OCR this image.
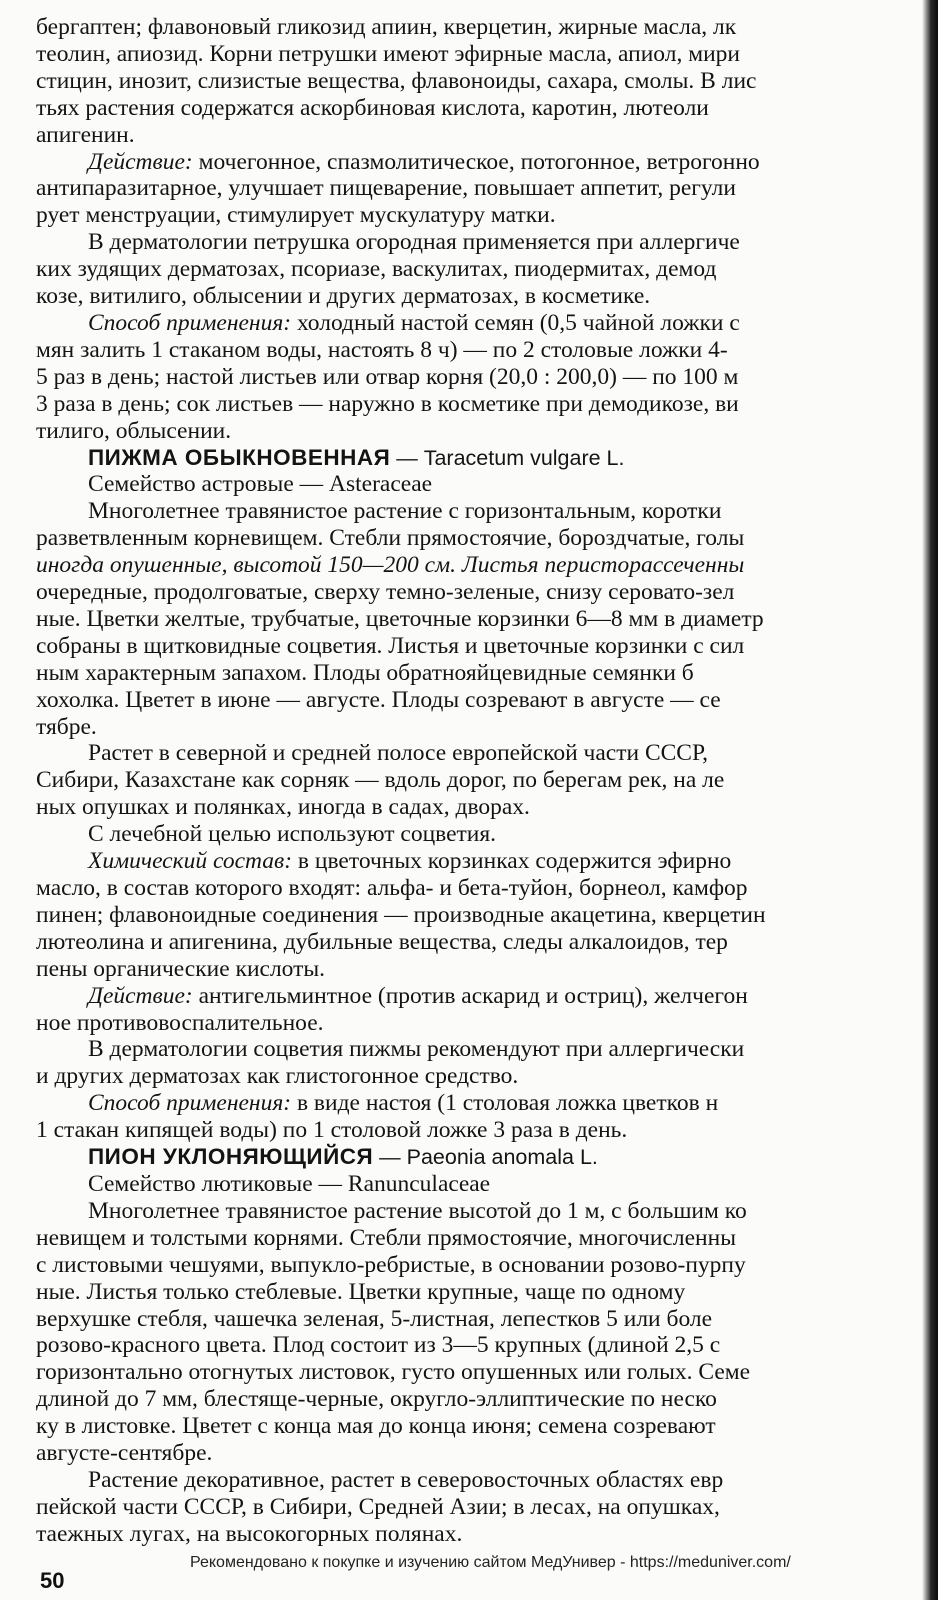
бергаптен; флавоновый гликозид апиин, кверцетин, жирные масла, лк
теолин, апиозид. Корни петрушки имеют эфирные масла, апиол, мири
стицин, инозит, слизистые вещества, флавоноиды, сахара, смолы. В лис
тьях растения содержатся аскорбиновая кислота, каротин, лютеоли
апигенин.
Действие: мочегонное, спазмолитическое, потогонное, ветрогонно
антипаразитарное, улучшает пищеварение, повышает аппетит, регули
рует менструации, стимулирует мускулатуру матки.
В дерматологии петрушка огородная применяется при аллергиче
ких зудящих дерматозах, псориазе, васкулитах, пиодермитах, демод
козе, витилиго, облысении и других дерматозах, в косметике.
Способ применения: холодный настой семян (0,5 чайной ложки с
мян залить 1 стаканом воды, настоять 8 ч) — по 2 столовые ложки 4-
5 раз в день; настой листьев или отвар корня (20,0 : 200,0) — по 100 м
3 раза в день; сок листьев — наружно в косметике при демодикозе, ви
тилиго, облысении.
ПИЖМА ОБЫКНОВЕННАЯ — Taracetum vulgare L.
Семейство астровые — Asteraceae
Многолетнее травянистое растение с горизонтальным, коротки
разветвленным корневищем. Стебли прямостоячие, бороздчатые, голы
иногда опушенные, высотой 150—200 см. Листья перисторассеченны
очередные, продолговатые, сверху темно-зеленые, снизу серовато-зел
ные. Цветки желтые, трубчатые, цветочные корзинки 6—8 мм в диаметр
собраны в щитковидные соцветия. Листья и цветочные корзинки с сил
ным характерным запахом. Плоды обратнояйцевидные семянки б
хохолка. Цветет в июне — августе. Плоды созревают в августе — се
тябре.
Растет в северной и средней полосе европейской части СССР,
Сибири, Казахстане как сорняк — вдоль дорог, по берегам рек, на ле
ных опушках и полянках, иногда в садах, дворах.
С лечебной целью используют соцветия.
Химический состав: в цветочных корзинках содержится эфирно
масло, в состав которого входят: альфа- и бета-туйон, борнеол, камфор
пинен; флавоноидные соединения — производные акацетина, кверцетин
лютеолина и апигенина, дубильные вещества, следы алкалоидов, тер
пены органические кислоты.
Действие: антигельминтное (против аскарид и остриц), желчегон
ное противовоспалительное.
В дерматологии соцветия пижмы рекомендуют при аллергически
и других дерматозах как глистогонное средство.
Способ применения: в виде настоя (1 столовая ложка цветков н
1 стакан кипящей воды) по 1 столовой ложке 3 раза в день.
ПИОН УКЛОНЯЮЩИЙСЯ — Paeonia anomala L.
Семейство лютиковые — Ranunculaceae
Многолетнее травянистое растение высотой до 1 м, с большим ко
невищем и толстыми корнями. Стебли прямостоячие, многочисленны
с листовыми чешуями, выпукло-ребристые, в основании розово-пурпу
ные. Листья только стеблевые. Цветки крупные, чаще по одному
верхушке стебля, чашечка зеленая, 5-листная, лепестков 5 или боле
розово-красного цвета. Плод состоит из 3—5 крупных (длиной 2,5 с
горизонтально отогнутых листовок, густо опушенных или голых. Семе
длиной до 7 мм, блестяще-черные, округло-эллиптические по неско
ку в листовке. Цветет с конца мая до конца июня; семена созревают
августе-сентябре.
Растение декоративное, растет в северовосточных областях евр
пейской части СССР, в Сибири, Средней Азии; в лесах, на опушках,
таежных лугах, на высокогорных полянах.
Рекомендовано к покупке и изучению сайтом МедУнивер - https://meduniver.com/
50
